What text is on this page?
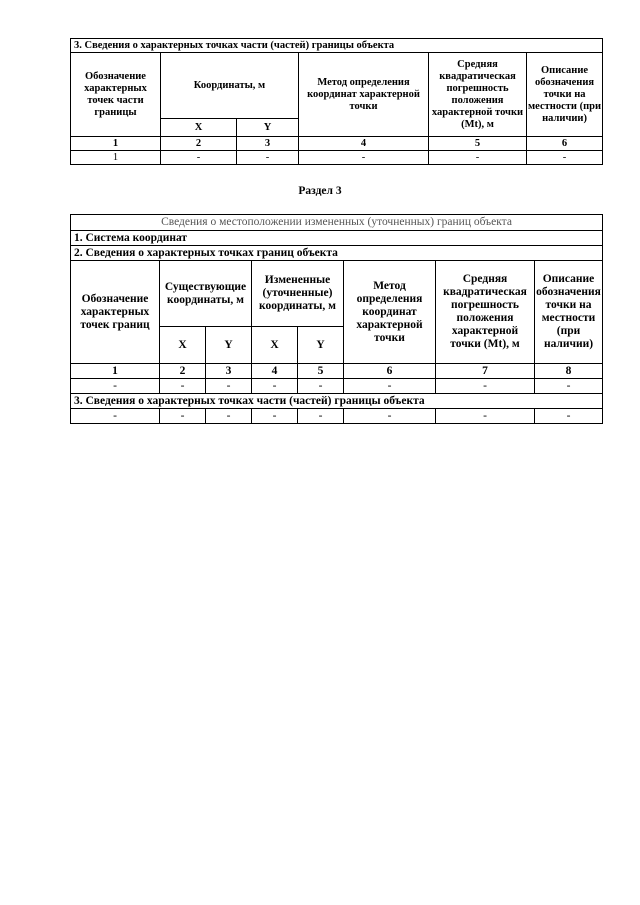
3. Сведения о характерных точках части (частей) границы объекта					
Обозначение характерных точек части границы	Координаты, м		Метод определения координат характерной точки	Средняя квадратическая погрешность положения характерной точки (Mt), м	Описание обозначения точки на местности (при наличии)
	X	Y			
1	2	3	4	5	6
1	-	-	-	-	-
Раздел 3
Сведения о местоположении измененных (уточненных) границ объекта							
1. Система координат							
2. Сведения о характерных точках границ объекта							
Обозначение характерных точек границ	Существующие координаты, м		Измененные (уточненные) координаты, м		Метод определения координат характерной точки	Средняя квадратическая погрешность положения характерной точки (Mt), м	Описание обозначения точки на местности (при наличии)
	X	Y	X	Y			
1	2	3	4	5	6	7	8
-	-	-	-	-	-	-	-
3. Сведения о характерных точках части (частей) границы объекта							
-	-	-	-	-	-	-	-
